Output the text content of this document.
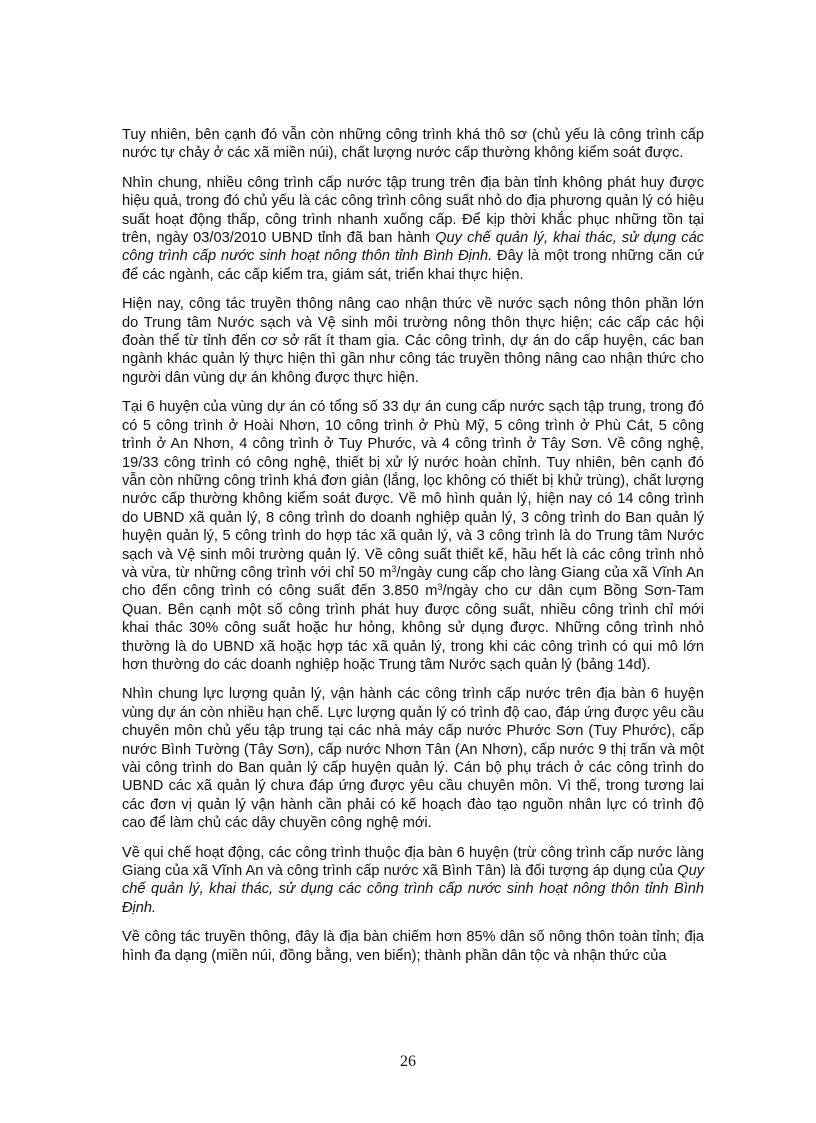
Tuy nhiên, bên cạnh đó vẫn còn những công trình khá thô sơ (chủ yếu là công trình cấp nước tự chảy ở các xã miền núi), chất lượng nước cấp thường không kiểm soát được.

Nhìn chung, nhiều công trình cấp nước tập trung trên địa bàn tỉnh không phát huy được hiệu quả, trong đó chủ yếu là các công trình công suất nhỏ do địa phương quản lý có hiệu suất hoạt động thấp, công trình nhanh xuống cấp. Để kịp thời khắc phục những tồn tại trên, ngày 03/03/2010 UBND tỉnh đã ban hành Quy chế quản lý, khai thác, sử dụng các công trình cấp nước sinh hoạt nông thôn tỉnh Bình Định. Đây là một trong những căn cứ để các ngành, các cấp kiểm tra, giám sát, triển khai thực hiện.

Hiện nay, công tác truyền thông nâng cao nhận thức về nước sạch nông thôn phần lớn do Trung tâm Nước sạch và Vệ sinh môi trường nông thôn thực hiện; các cấp các hội đoàn thể từ tỉnh đến cơ sở rất ít tham gia. Các công trình, dự án do cấp huyện, các ban ngành khác quản lý thực hiện thì gần như công tác truyền thông nâng cao nhận thức cho người dân vùng dự án không được thực hiện.

Tại 6 huyện của vùng dự án có tổng số 33 dự án cung cấp nước sạch tập trung, trong đó có 5 công trình ở Hoài Nhơn, 10 công trình ở Phù Mỹ, 5 công trình ở Phù Cát, 5 công trình ở An Nhơn, 4 công trình ở Tuy Phước, và 4 công trình ở Tây Sơn. Về công nghệ, 19/33 công trình có công nghệ, thiết bị xử lý nước hoàn chỉnh. Tuy nhiên, bên cạnh đó vẫn còn những công trình khá đơn giản (lắng, lọc không có thiết bị khử trùng), chất lượng nước cấp thường không kiểm soát được. Về mô hình quản lý, hiện nay có 14 công trình do UBND xã quản lý, 8 công trình do doanh nghiệp quản lý, 3 công trình do Ban quản lý huyện quản lý, 5 công trình do hợp tác xã quản lý, và 3 công trình là do Trung tâm Nước sạch và Vệ sinh môi trường quản lý. Về công suất thiết kế, hầu hết là các công trình nhỏ và vừa, từ những công trình với chỉ 50 $m^3$/ngày cung cấp cho làng Giang của xã Vĩnh An cho đến công trình có công suất đến 3.850 $m^3$/ngày cho cư dân cụm Bồng Sơn-Tam Quan. Bên cạnh một số công trình phát huy được công suất, nhiều công trình chỉ mới khai thác 30% công suất hoặc hư hỏng, không sử dụng được. Những công trình nhỏ thường là do UBND xã hoặc hợp tác xã quản lý, trong khi các công trình có qui mô lớn hơn thường do các doanh nghiệp hoặc Trung tâm Nước sạch quản lý (bảng 14d).

Nhìn chung lực lượng quản lý, vận hành các công trình cấp nước trên địa bàn 6 huyện vùng dự án còn nhiều hạn chế. Lực lượng quản lý có trình độ cao, đáp ứng được yêu cầu chuyên môn chủ yếu tập trung tại các nhà máy cấp nước Phước Sơn (Tuy Phước), cấp nước Bình Tường (Tây Sơn), cấp nước Nhơn Tân (An Nhơn), cấp nước 9 thị trấn và một vài công trình do Ban quản lý cấp huyện quản lý. Cán bộ phụ trách ở các công trình do UBND các xã quản lý chưa đáp ứng được yêu cầu chuyên môn. Vì thế, trong tương lai các đơn vị quản lý vận hành cần phải có kế hoạch đào tạo nguồn nhân lực có trình độ cao để làm chủ các dây chuyền công nghệ mới.

Về qui chế hoạt động, các công trình thuộc địa bàn 6 huyện (trừ công trình cấp nước làng Giang của xã Vĩnh An và công trình cấp nước xã Bình Tân) là đối tượng áp dụng của Quy chế quản lý, khai thác, sử dụng các công trình cấp nước sinh hoạt nông thôn tỉnh Bình Định.

Về công tác truyền thông, đây là địa bàn chiếm hơn 85% dân số nông thôn toàn tỉnh; địa hình đa dạng (miền núi, đồng bằng, ven biển); thành phần dân tộc và nhận thức của

26
